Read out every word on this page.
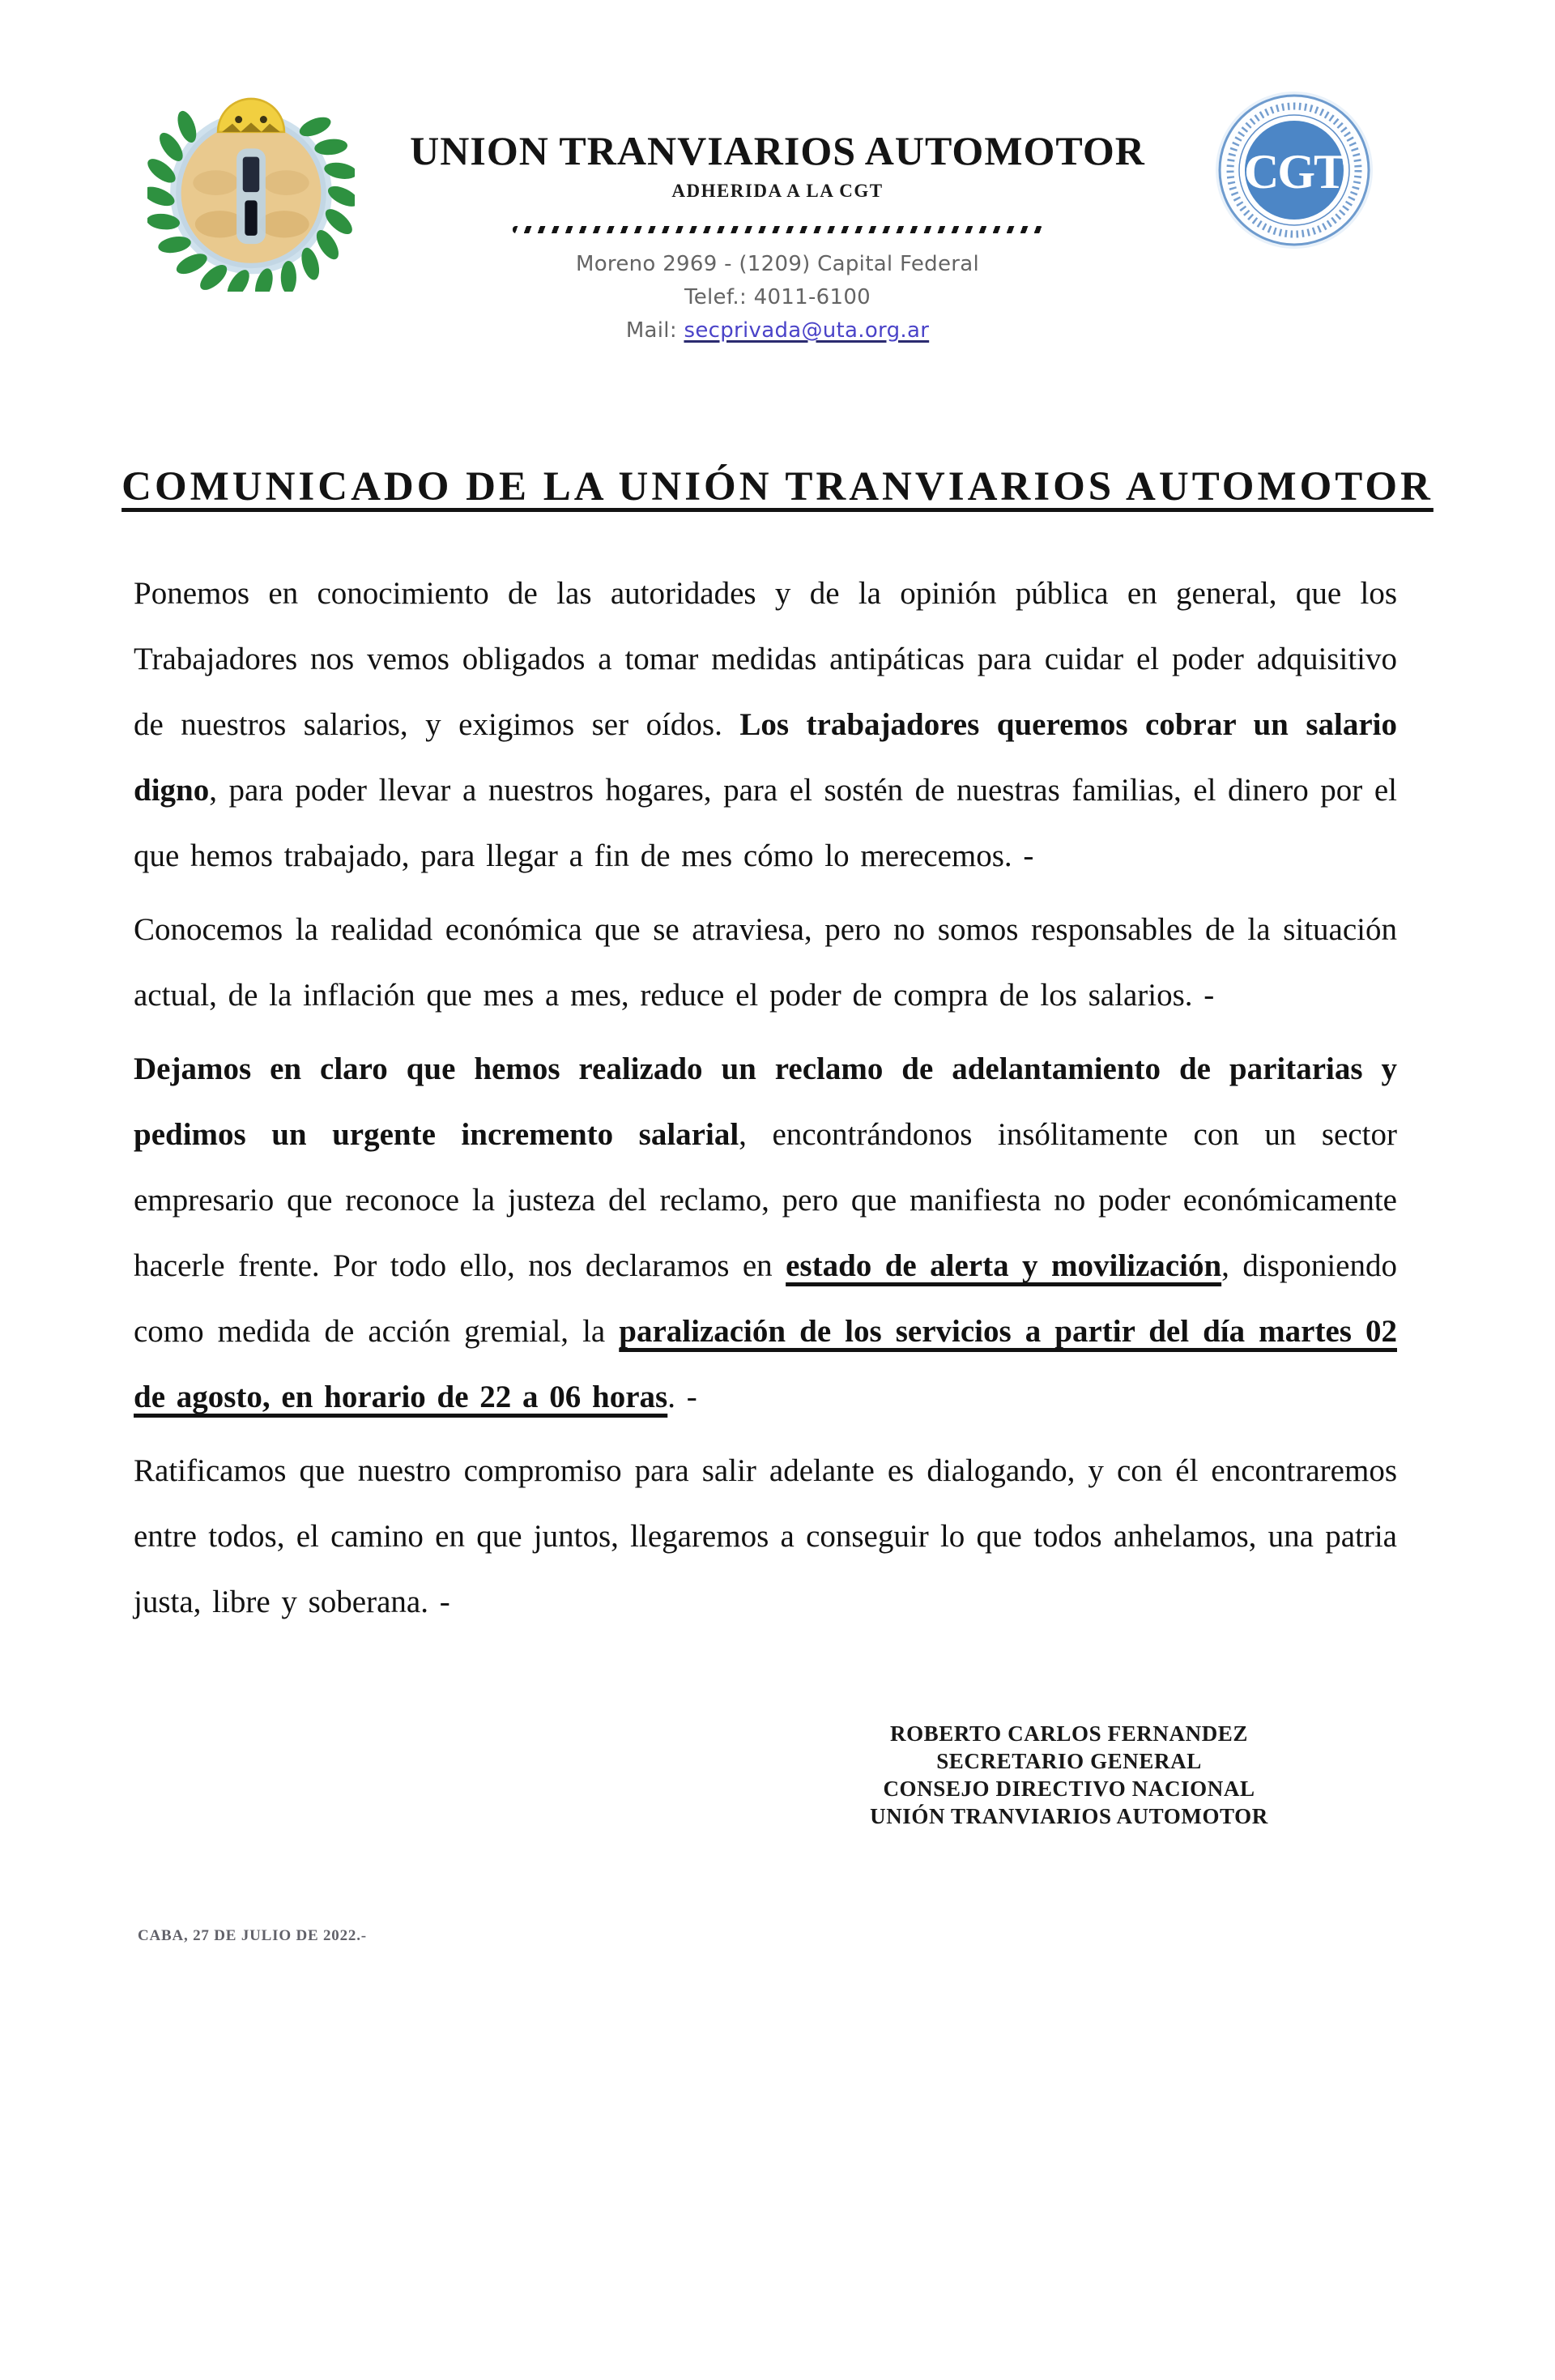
CGT
UNION TRANVIARIOS AUTOMOTOR
ADHERIDA A LA CGT
Moreno 2969 - (1209) Capital Federal
Telef.: 4011-6100
Mail: secprivada@uta.org.ar
COMUNICADO DE LA UNIÓN TRANVIARIOS AUTOMOTOR

Ponemos en conocimiento de las autoridades y de la opinión pública en general, que los Trabajadores nos vemos obligados a tomar medidas antipáticas para cuidar el poder adquisitivo de nuestros salarios, y exigimos ser oídos. Los trabajadores queremos cobrar un salario digno, para poder llevar a nuestros hogares, para el sostén de nuestras familias, el dinero por el que hemos trabajado, para llegar a fin de mes cómo lo merecemos. -

Conocemos la realidad económica que se atraviesa, pero no somos responsables de la situación actual, de la inflación que mes a mes, reduce el poder de compra de los salarios. -

Dejamos en claro que hemos realizado un reclamo de adelantamiento de paritarias y pedimos un urgente incremento salarial, encontrándonos insólitamente con un sector empresario que reconoce la justeza del reclamo, pero que manifiesta no poder económicamente hacerle frente. Por todo ello, nos declaramos en estado de alerta y movilización, disponiendo como medida de acción gremial, la paralización de los servicios a partir del día martes 02 de agosto, en horario de 22 a 06 horas. -

Ratificamos que nuestro compromiso para salir adelante es dialogando, y con él encontraremos entre todos, el camino en que juntos, llegaremos a conseguir lo que todos anhelamos, una patria justa, libre y soberana. -

ROBERTO CARLOS FERNANDEZ
SECRETARIO GENERAL
CONSEJO DIRECTIVO NACIONAL
UNIÓN TRANVIARIOS AUTOMOTOR
CABA, 27 DE JULIO DE 2022.-
